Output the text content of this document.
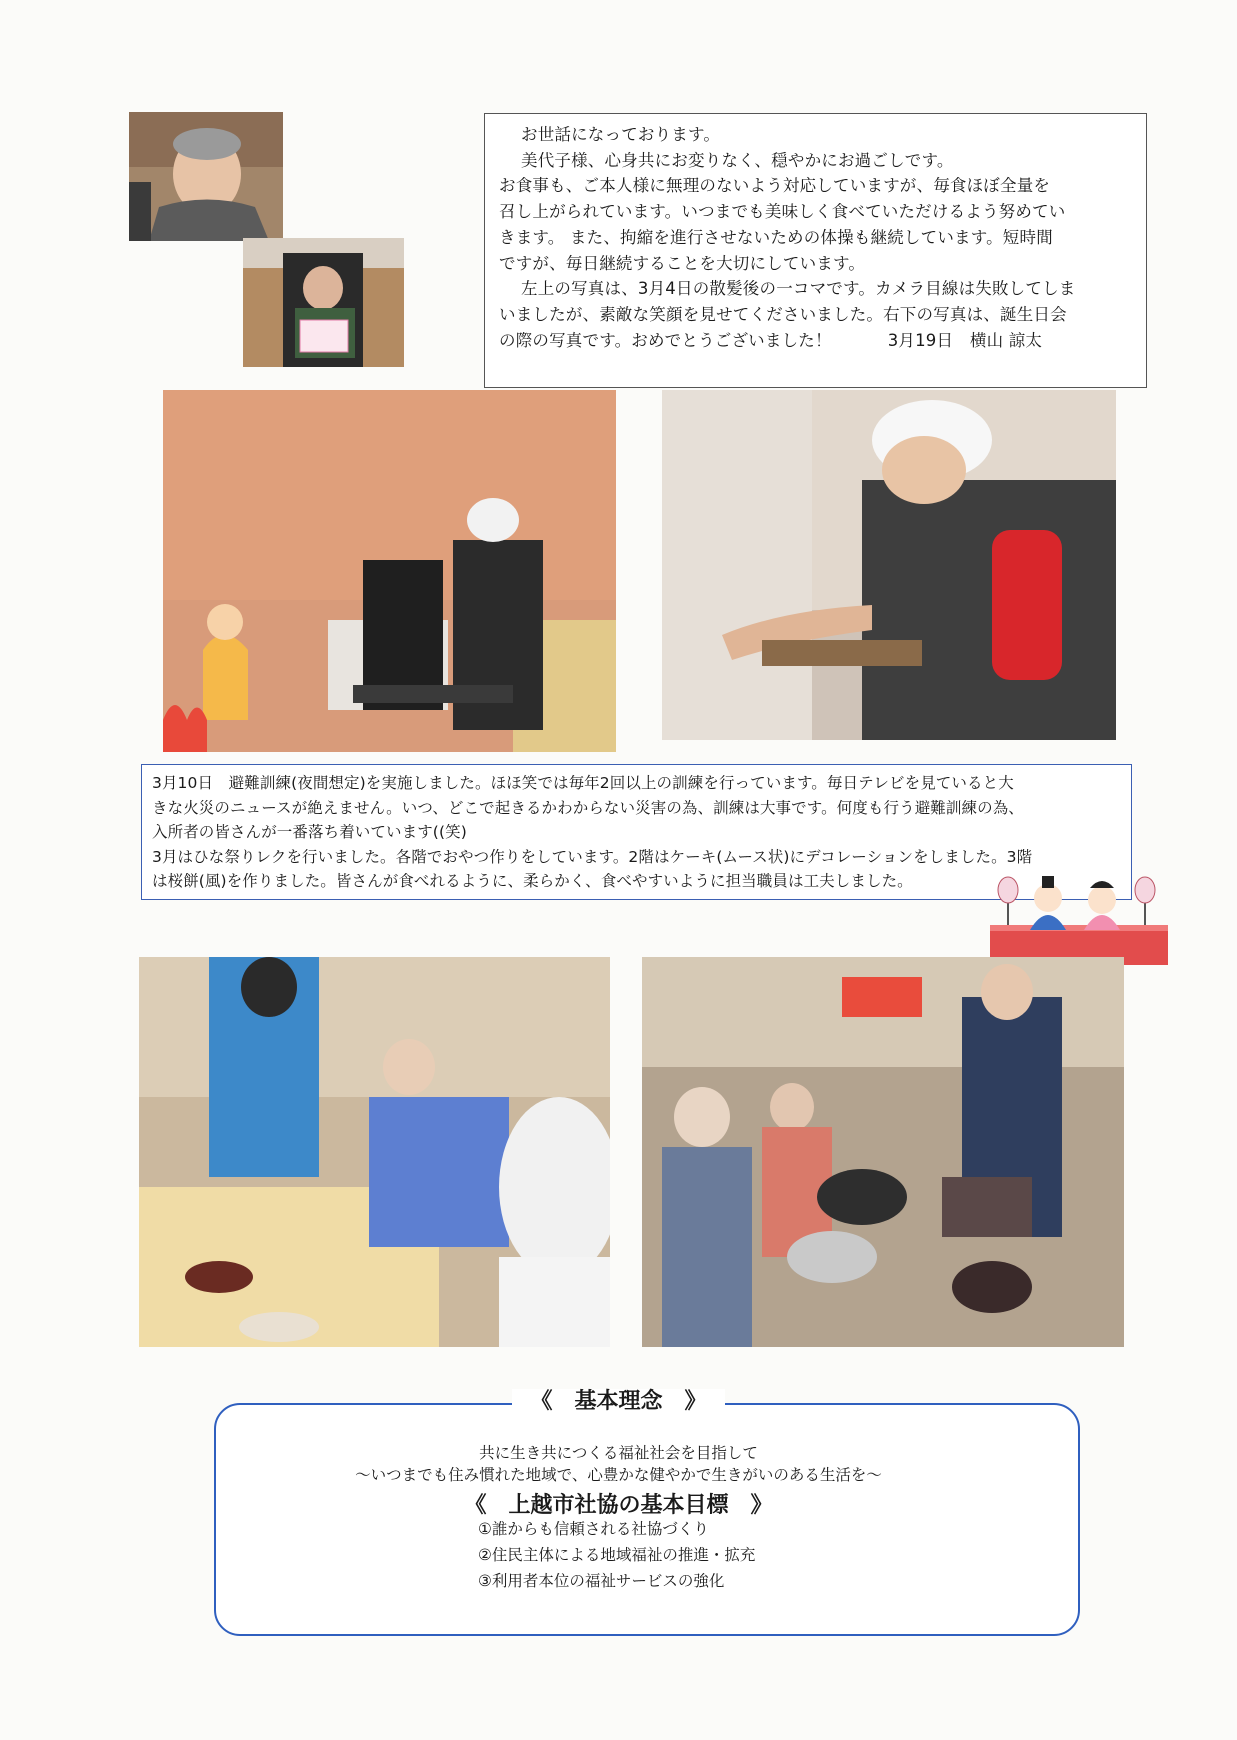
お世話になっております。

美代子様、心身共にお変りなく、穏やかにお過ごしです。

お食事も、ご本人様に無理のないよう対応していますが、毎食ほぼ全量を

召し上がられています。いつまでも美味しく食べていただけるよう努めてい

きます。 また、拘縮を進行させないための体操も継続しています。短時間

ですが、毎日継続することを大切にしています。

左上の写真は、3月4日の散髪後の一コマです。カメラ目線は失敗してしま

いましたが、素敵な笑顔を見せてくださいました。右下の写真は、誕生日会

の際の写真です。おめでとうございました！	3月19日　横山 諒太

3月10日　避難訓練(夜間想定)を実施しました。ほほ笑では毎年2回以上の訓練を行っています。毎日テレビを見ていると大

きな火災のニュースが絶えません。いつ、どこで起きるかわからない災害の為、訓練は大事です。何度も行う避難訓練の為、

入所者の皆さんが一番落ち着いています((笑)

3月はひな祭りレクを行いました。各階でおやつ作りをしています。2階はケーキ(ムース状)にデコレーションをしました。3階

は桜餅(風)を作りました。皆さんが食べれるように、柔らかく、食べやすいように担当職員は工夫しました。

《　基本理念　》
共に生き共につくる福祉社会を目指して
～いつまでも住み慣れた地域で、心豊かな健やかで生きがいのある生活を～
《　上越市社協の基本目標　》
①誰からも信頼される社協づくり
②住民主体による地域福祉の推進・拡充
③利用者本位の福祉サービスの強化
